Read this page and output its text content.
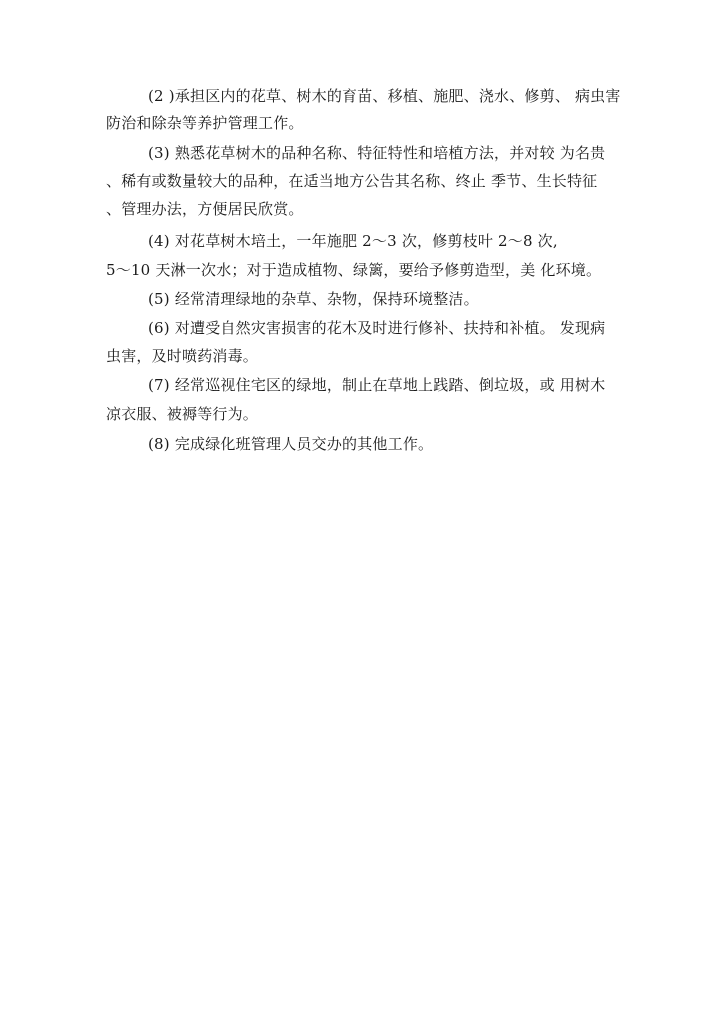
(2 )承担区内的花草、树木的育苗、移植、施肥、浇水、修剪、 病虫害
防治和除杂等养护管理工作。
(3) 熟悉花草树木的品种名称、特征特性和培植方法，并对较 为名贵
、稀有或数量较大的品种，在适当地方公告其名称、终止 季节、生长特征
、管理办法，方便居民欣赏。
(4) 对花草树木培土，一年施肥 2〜3 次，修剪枝叶 2〜8 次,
5〜10 天淋一次水；对于造成植物、绿篱，要给予修剪造型，美 化环境。
(5) 经常清理绿地的杂草、杂物，保持环境整洁。
(6) 对遭受自然灾害损害的花木及时进行修补、扶持和补植。 发现病
虫害，及时喷药消毒。
(7) 经常巡视住宅区的绿地，制止在草地上践踏、倒垃圾，或 用树木
凉衣服、被褥等行为。
(8) 完成绿化班管理人员交办的其他工作。
